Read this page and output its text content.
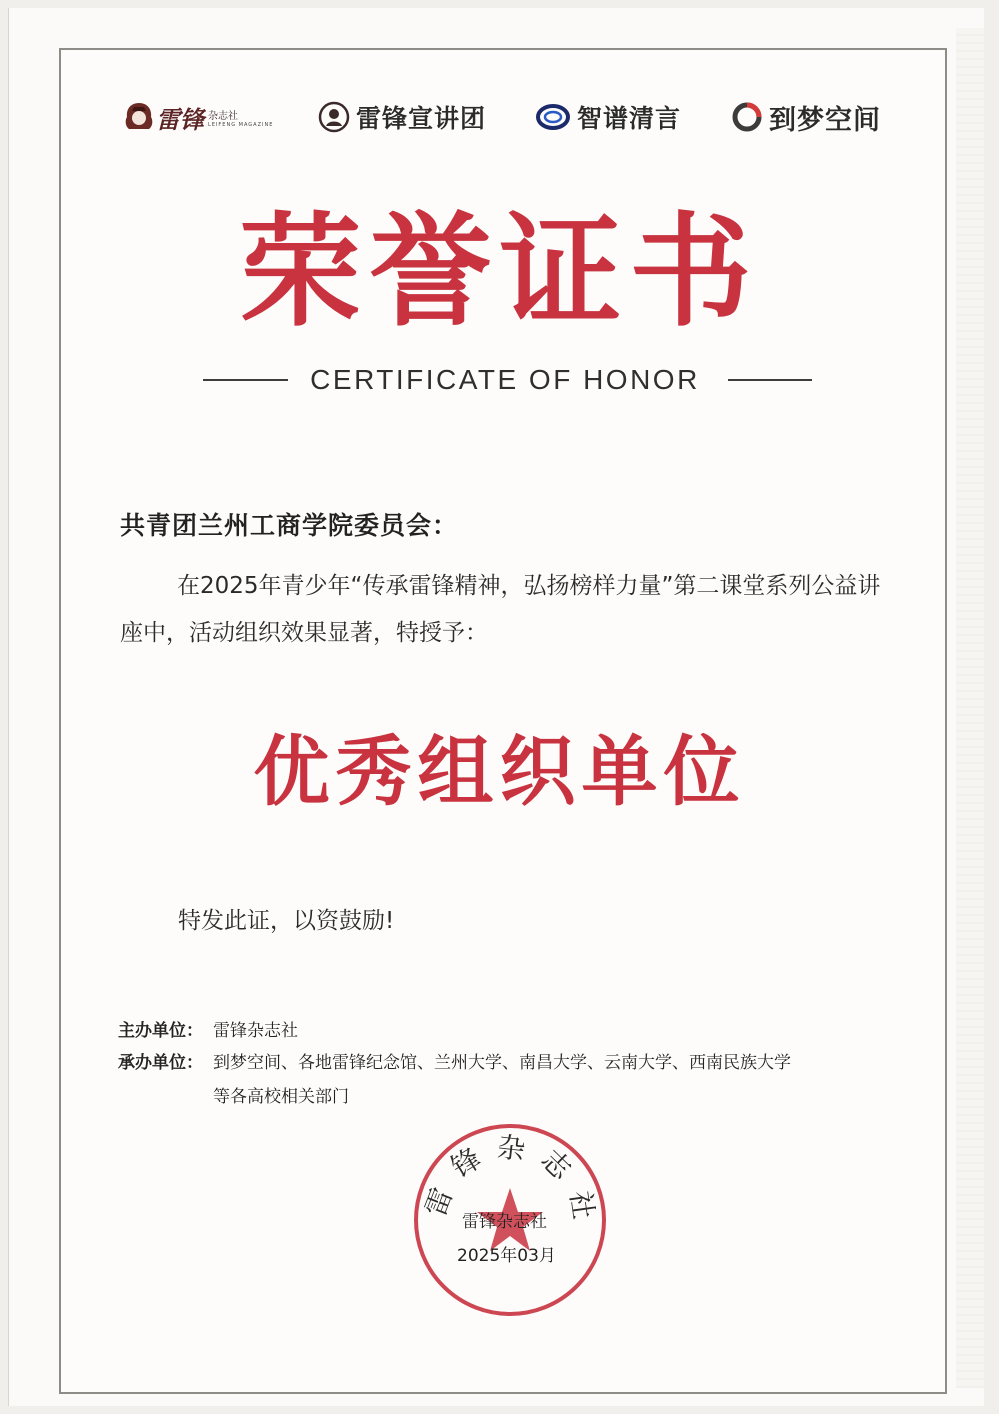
雷锋 杂志社
LEIFENG MAGAZINE	雷锋宣讲团	智谱清言	到梦空间
荣誉证书
CERTIFICATE OF HONOR
共青团兰州工商学院委员会：
在2025年青少年“传承雷锋精神，弘扬榜样力量”第二课堂系列公益讲座中，活动组织效果显著，特授予：
优秀组织单位
特发此证，以资鼓励!
主办单位： 雷锋杂志社
承办单位： 到梦空间、各地雷锋纪念馆、兰州大学、南昌大学、云南大学、西南民族大学
等各高校相关部门
雷锋杂志社
雷锋杂志社
2025年03月
